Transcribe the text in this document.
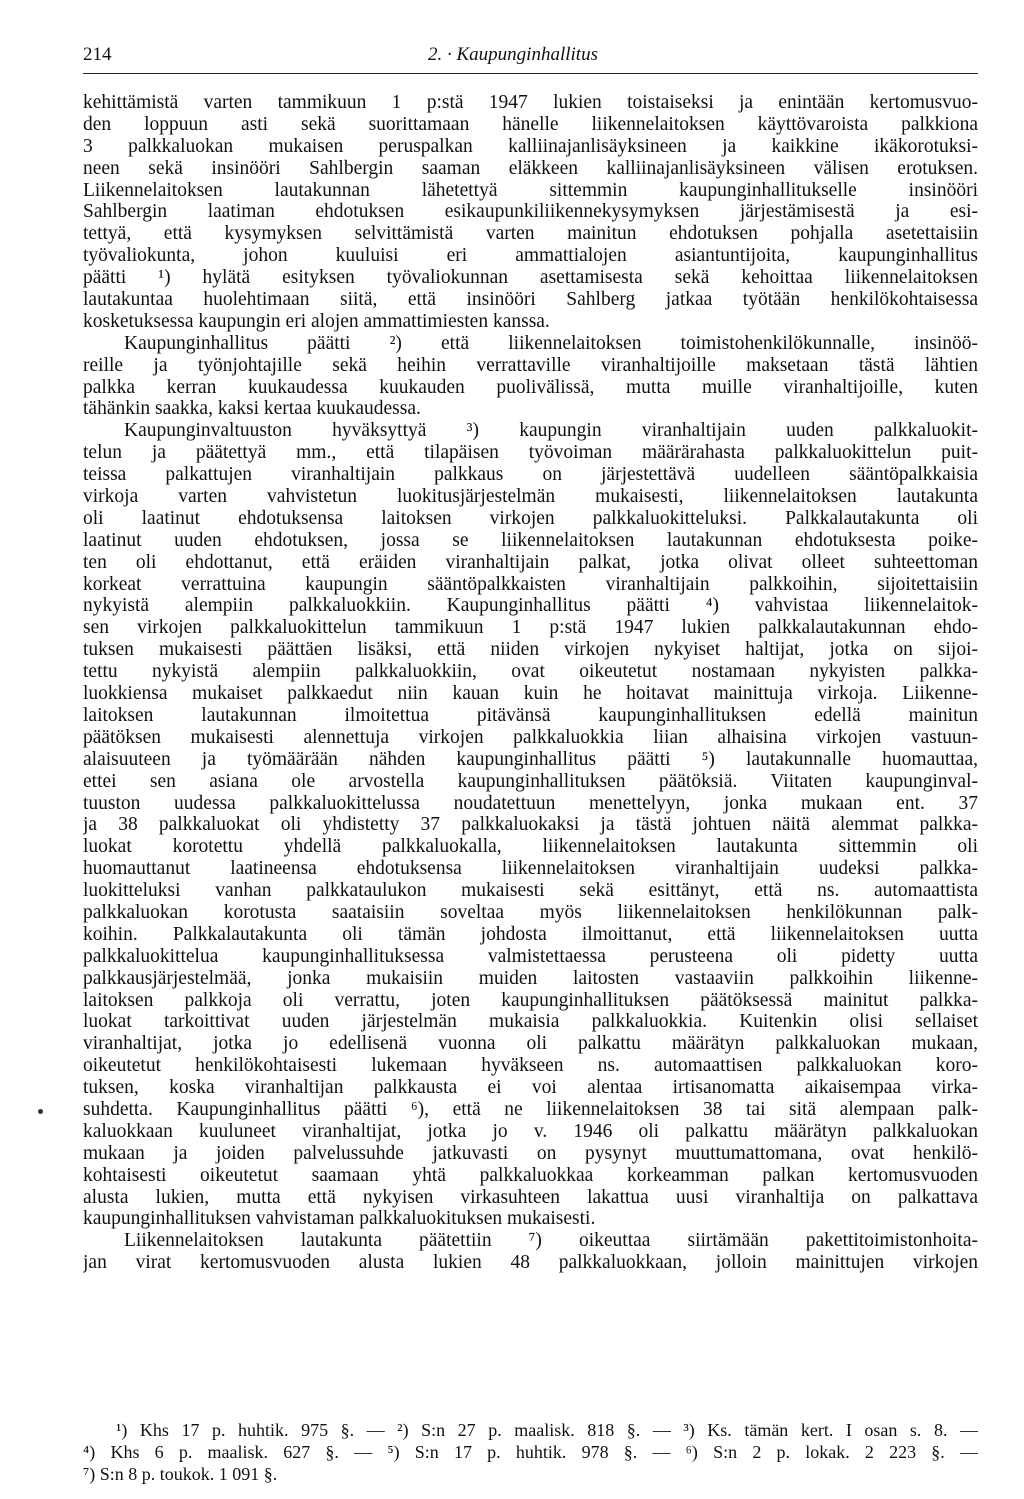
214	2. · Kaupunginhallitus
kehittämistä varten tammikuun 1 p:stä 1947 lukien toistaiseksi ja enintään kertomusvuo-
den loppuun asti sekä suorittamaan hänelle liikennelaitoksen käyttövaroista palkkiona
3 palkkaluokan mukaisen peruspalkan kalliinajanlisäyksineen ja kaikkine ikäkorotuksi-
neen sekä insinööri Sahlbergin saaman eläkkeen kalliinajanlisäyksineen välisen erotuksen.
Liikennelaitoksen lautakunnan lähetettyä sittemmin kaupunginhallitukselle insinööri
Sahlbergin laatiman ehdotuksen esikaupunkiliikennekysymyksen järjestämisestä ja esi-
tettyä, että kysymyksen selvittämistä varten mainitun ehdotuksen pohjalla asetettaisiin
työvaliokunta, johon kuuluisi eri ammattialojen asiantuntijoita, kaupunginhallitus
päätti ¹) hylätä esityksen työvaliokunnan asettamisesta sekä kehoittaa liikennelaitoksen
lautakuntaa huolehtimaan siitä, että insinööri Sahlberg jatkaa työtään henkilökohtaisessa
kosketuksessa kaupungin eri alojen ammattimiesten kanssa.
Kaupunginhallitus päätti ²) että liikennelaitoksen toimistohenkilökunnalle, insinöö-
reille ja työnjohtajille sekä heihin verrattaville viranhaltijoille maksetaan tästä lähtien
palkka kerran kuukaudessa kuukauden puolivälissä, mutta muille viranhaltijoille, kuten
tähänkin saakka, kaksi kertaa kuukaudessa.
Kaupunginvaltuuston hyväksyttyä ³) kaupungin viranhaltijain uuden palkkaluokit-
telun ja päätettyä mm., että tilapäisen työvoiman määrärahasta palkkaluokittelun puit-
teissa palkattujen viranhaltijain palkkaus on järjestettävä uudelleen sääntöpalkkaisia
virkoja varten vahvistetun luokitusjärjestelmän mukaisesti, liikennelaitoksen lautakunta
oli laatinut ehdotuksensa laitoksen virkojen palkkaluokitteluksi. Palkkalautakunta oli
laatinut uuden ehdotuksen, jossa se liikennelaitoksen lautakunnan ehdotuksesta poike-
ten oli ehdottanut, että eräiden viranhaltijain palkat, jotka olivat olleet suhteettoman
korkeat verrattuina kaupungin sääntöpalkkaisten viranhaltijain palkkoihin, sijoitettaisiin
nykyistä alempiin palkkaluokkiin. Kaupunginhallitus päätti ⁴) vahvistaa liikennelaitok-
sen virkojen palkkaluokittelun tammikuun 1 p:stä 1947 lukien palkkalautakunnan ehdo-
tuksen mukaisesti päättäen lisäksi, että niiden virkojen nykyiset haltijat, jotka on sijoi-
tettu nykyistä alempiin palkkaluokkiin, ovat oikeutetut nostamaan nykyisten palkka-
luokkiensa mukaiset palkkaedut niin kauan kuin he hoitavat mainittuja virkoja. Liikenne-
laitoksen lautakunnan ilmoitettua pitävänsä kaupunginhallituksen edellä mainitun
päätöksen mukaisesti alennettuja virkojen palkkaluokkia liian alhaisina virkojen vastuun-
alaisuuteen ja työmäärään nähden kaupunginhallitus päätti ⁵) lautakunnalle huomauttaa,
ettei sen asiana ole arvostella kaupunginhallituksen päätöksiä. Viitaten kaupunginval-
tuuston uudessa palkkaluokittelussa noudatettuun menettelyyn, jonka mukaan ent. 37
ja 38 palkkaluokat oli yhdistetty 37 palkkaluokaksi ja tästä johtuen näitä alemmat palkka-
luokat korotettu yhdellä palkkaluokalla, liikennelaitoksen lautakunta sittemmin oli
huomauttanut laatineensa ehdotuksensa liikennelaitoksen viranhaltijain uudeksi palkka-
luokitteluksi vanhan palkkataulukon mukaisesti sekä esittänyt, että ns. automaattista
palkkaluokan korotusta saataisiin soveltaa myös liikennelaitoksen henkilökunnan palk-
koihin. Palkkalautakunta oli tämän johdosta ilmoittanut, että liikennelaitoksen uutta
palkkaluokittelua kaupunginhallituksessa valmistettaessa perusteena oli pidetty uutta
palkkausjärjestelmää, jonka mukaisiin muiden laitosten vastaaviin palkkoihin liikenne-
laitoksen palkkoja oli verrattu, joten kaupunginhallituksen päätöksessä mainitut palkka-
luokat tarkoittivat uuden järjestelmän mukaisia palkkaluokkia. Kuitenkin olisi sellaiset
viranhaltijat, jotka jo edellisenä vuonna oli palkattu määrätyn palkkaluokan mukaan,
oikeutetut henkilökohtaisesti lukemaan hyväkseen ns. automaattisen palkkaluokan koro-
tuksen, koska viranhaltijan palkkausta ei voi alentaa irtisanomatta aikaisempaa virka-
suhdetta. Kaupunginhallitus päätti ⁶), että ne liikennelaitoksen 38 tai sitä alempaan palk-
kaluokkaan kuuluneet viranhaltijat, jotka jo v. 1946 oli palkattu määrätyn palkkaluokan
mukaan ja joiden palvelussuhde jatkuvasti on pysynyt muuttumattomana, ovat henkilö-
kohtaisesti oikeutetut saamaan yhtä palkkaluokkaa korkeamman palkan kertomusvuoden
alusta lukien, mutta että nykyisen virkasuhteen lakattua uusi viranhaltija on palkattava
kaupunginhallituksen vahvistaman palkkaluokituksen mukaisesti.
Liikennelaitoksen lautakunta päätettiin ⁷) oikeuttaa siirtämään pakettitoimistonhoita-
jan virat kertomusvuoden alusta lukien 48 palkkaluokkaan, jolloin mainittujen virkojen
¹) Khs 17 p. huhtik. 975 §. — ²) S:n 27 p. maalisk. 818 §. — ³) Ks. tämän kert. I osan s. 8. —
⁴) Khs 6 p. maalisk. 627 §. — ⁵) S:n 17 p. huhtik. 978 §. — ⁶) S:n 2 p. lokak. 2 223 §. —
⁷) S:n 8 p. toukok. 1 091 §.
